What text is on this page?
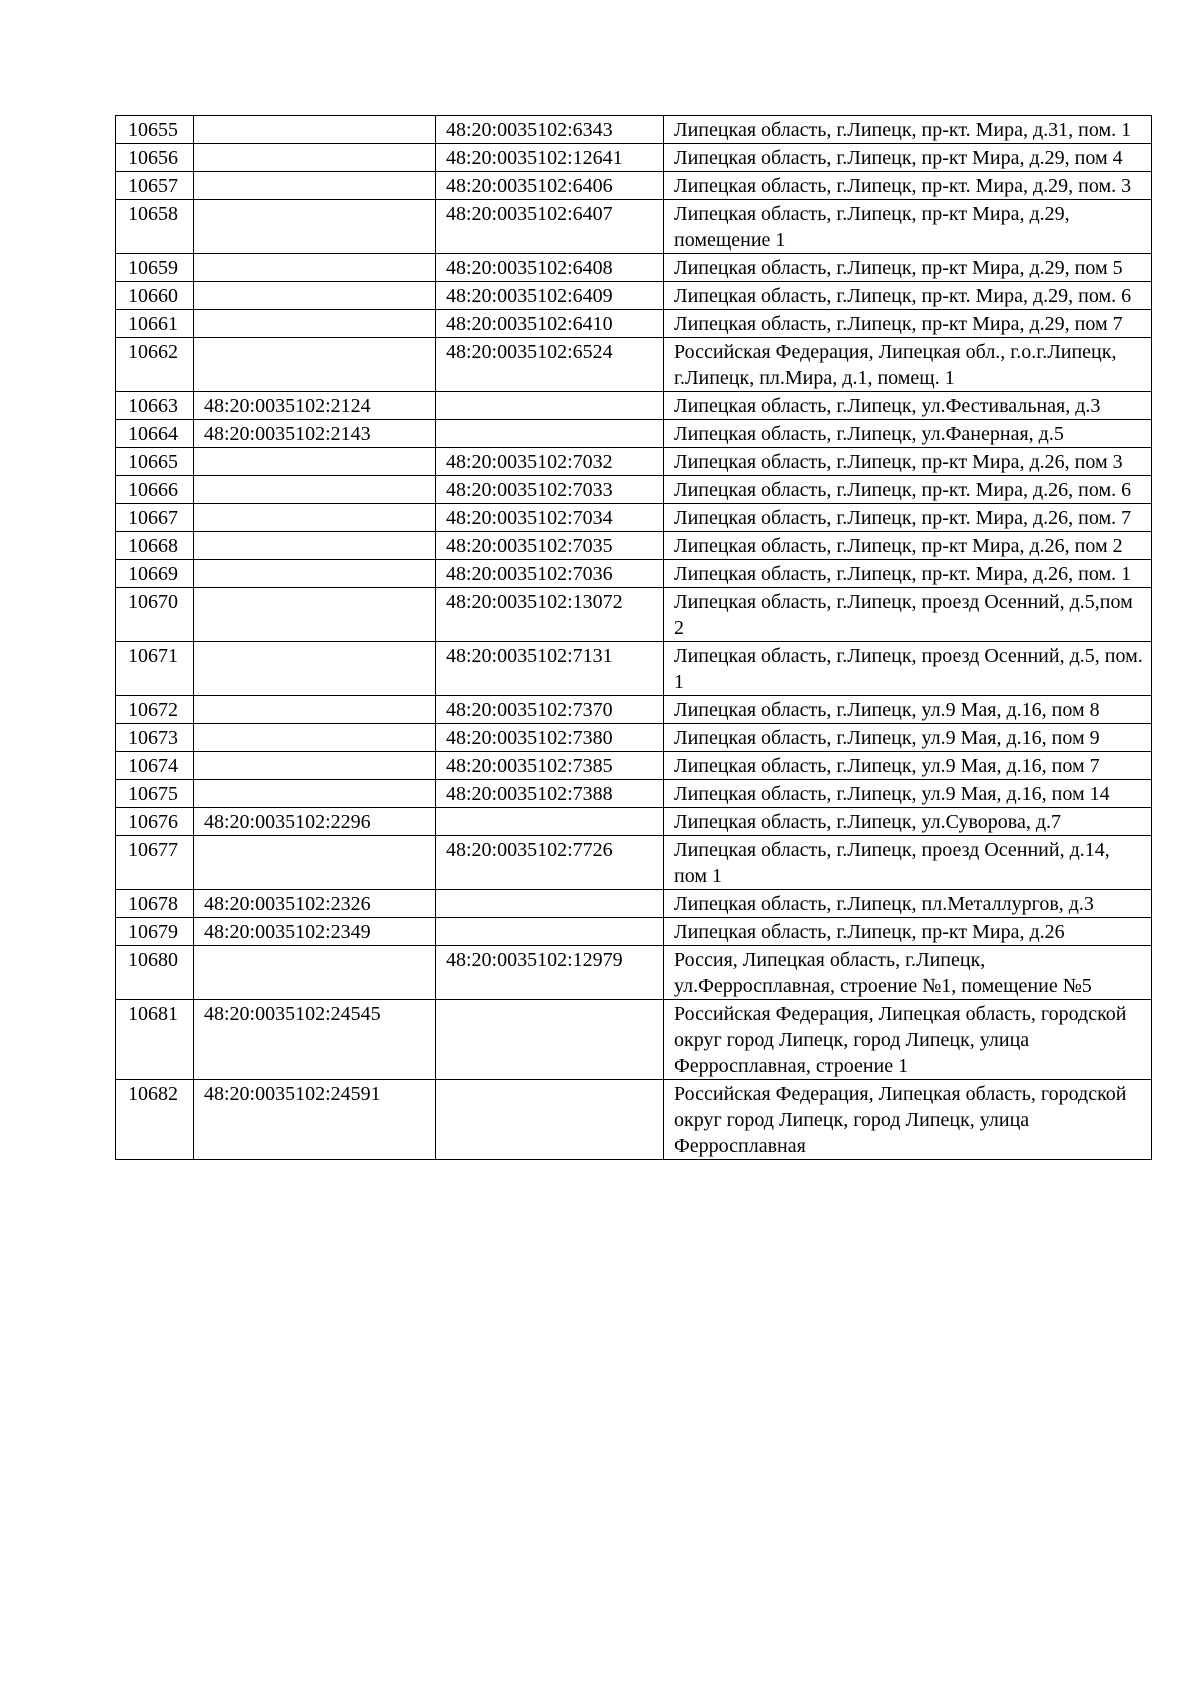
10655		48:20:0035102:6343	Липецкая область, г.Липецк, пр-кт. Мира, д.31, пом. 1
10656		48:20:0035102:12641	Липецкая область, г.Липецк, пр-кт Мира, д.29, пом 4
10657		48:20:0035102:6406	Липецкая область, г.Липецк, пр-кт. Мира, д.29, пом. 3
10658		48:20:0035102:6407	Липецкая область, г.Липецк, пр-кт Мира, д.29, помещение 1
10659		48:20:0035102:6408	Липецкая область, г.Липецк, пр-кт Мира, д.29, пом 5
10660		48:20:0035102:6409	Липецкая область, г.Липецк, пр-кт. Мира, д.29, пом. 6
10661		48:20:0035102:6410	Липецкая область, г.Липецк, пр-кт Мира, д.29, пом 7
10662		48:20:0035102:6524	Российская Федерация, Липецкая обл., г.о.г.Липецк, г.Липецк, пл.Мира, д.1, помещ. 1
10663	48:20:0035102:2124		Липецкая область, г.Липецк, ул.Фестивальная, д.3
10664	48:20:0035102:2143		Липецкая область, г.Липецк, ул.Фанерная, д.5
10665		48:20:0035102:7032	Липецкая область, г.Липецк, пр-кт Мира, д.26, пом 3
10666		48:20:0035102:7033	Липецкая область, г.Липецк, пр-кт. Мира, д.26, пом. 6
10667		48:20:0035102:7034	Липецкая область, г.Липецк, пр-кт. Мира, д.26, пом. 7
10668		48:20:0035102:7035	Липецкая область, г.Липецк, пр-кт Мира, д.26, пом 2
10669		48:20:0035102:7036	Липецкая область, г.Липецк, пр-кт. Мира, д.26, пом. 1
10670		48:20:0035102:13072	Липецкая область, г.Липецк, проезд Осенний, д.5,пом 2
10671		48:20:0035102:7131	Липецкая область, г.Липецк, проезд Осенний, д.5, пом. 1
10672		48:20:0035102:7370	Липецкая область, г.Липецк, ул.9 Мая, д.16, пом 8
10673		48:20:0035102:7380	Липецкая область, г.Липецк, ул.9 Мая, д.16, пом 9
10674		48:20:0035102:7385	Липецкая область, г.Липецк, ул.9 Мая, д.16, пом 7
10675		48:20:0035102:7388	Липецкая область, г.Липецк, ул.9 Мая, д.16, пом 14
10676	48:20:0035102:2296		Липецкая область, г.Липецк, ул.Суворова, д.7
10677		48:20:0035102:7726	Липецкая область, г.Липецк, проезд Осенний, д.14, пом 1
10678	48:20:0035102:2326		Липецкая область, г.Липецк, пл.Металлургов, д.3
10679	48:20:0035102:2349		Липецкая область, г.Липецк, пр-кт Мира, д.26
10680		48:20:0035102:12979	Россия, Липецкая область, г.Липецк, ул.Ферросплавная, строение №1, помещение №5
10681	48:20:0035102:24545		Российская Федерация, Липецкая область, городской округ город Липецк, город Липецк, улица Ферросплавная, строение 1
10682	48:20:0035102:24591		Российская Федерация, Липецкая область, городской округ город Липецк, город Липецк, улица Ферросплавная
